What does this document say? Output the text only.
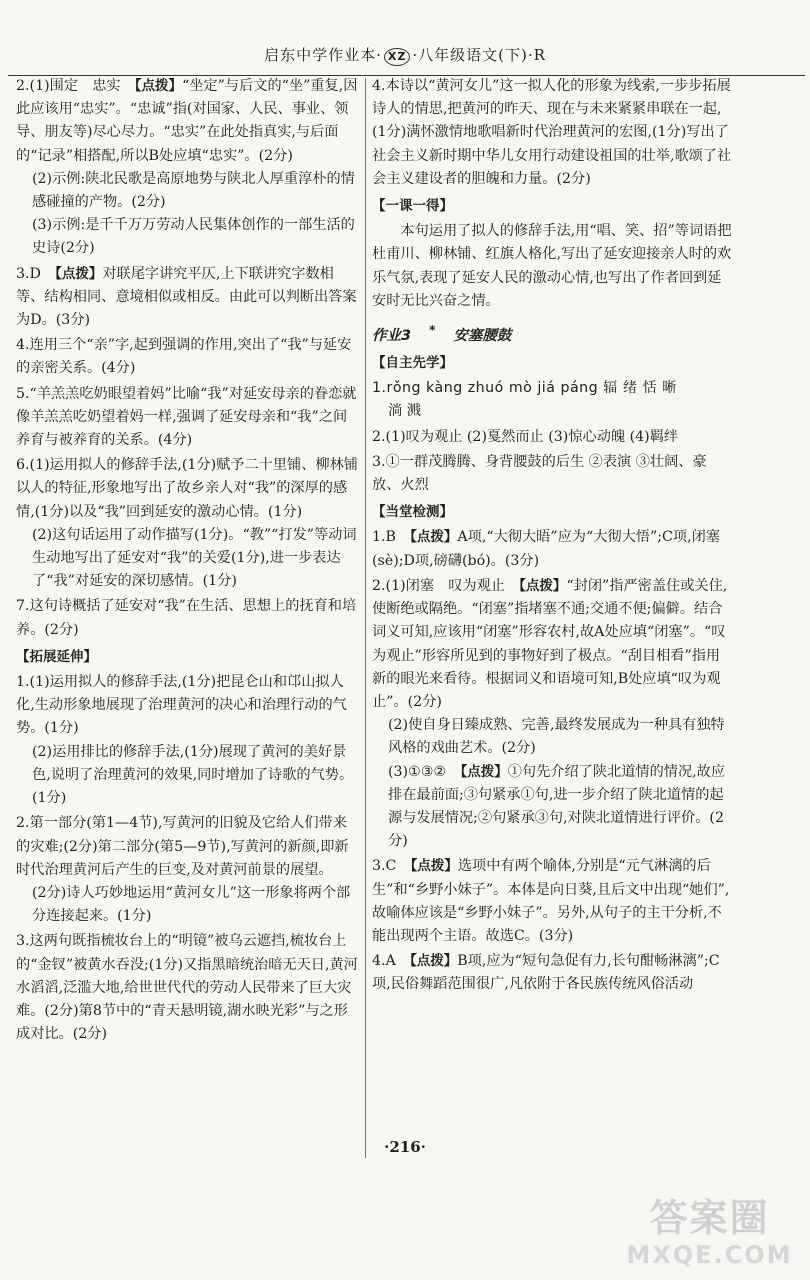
启东中学作业本· XZ ·八年级语文(下)·R

2.(1)围定　忠实　【点拨】“坐定”与后文的“坐”重复,因此应该用“忠实”。“忠诚”指(对国家、人民、事业、领导、朋友等)尽心尽力。“忠实”在此处指真实,与后面的“记录”相搭配,所以B处应填“忠实”。(2分)

(2)示例:陕北民歌是高原地势与陕北人厚重淳朴的情感碰撞的产物。(2分)

(3)示例:是千千万万劳动人民集体创作的一部生活的史诗(2分)

3.D　【点拨】对联尾字讲究平仄,上下联讲究字数相等、结构相同、意境相似或相反。由此可以判断出答案为D。(3分)

4.连用三个“亲”字,起到强调的作用,突出了“我”与延安的亲密关系。(4分)

5.“羊羔羔吃奶眼望着妈”比喻“我”对延安母亲的眷恋就像羊羔羔吃奶望着妈一样,强调了延安母亲和“我”之间养育与被养育的关系。(4分)

6.(1)运用拟人的修辞手法,(1分)赋予二十里铺、柳林铺以人的特征,形象地写出了故乡亲人对“我”的深厚的感情,(1分)以及“我”回到延安的激动心情。(1分)

(2)这句话运用了动作描写(1分)。“教”“打发”等动词生动地写出了延安对“我”的关爱(1分),进一步表达了“我”对延安的深切感情。(1分)

7.这句诗概括了延安对“我”在生活、思想上的抚育和培养。(2分)

【拓展延伸】

1.(1)运用拟人的修辞手法,(1分)把昆仑山和邙山拟人化,生动形象地展现了治理黄河的决心和治理行动的气势。(1分)

(2)运用排比的修辞手法,(1分)展现了黄河的美好景色,说明了治理黄河的效果,同时增加了诗歌的气势。(1分)

2.第一部分(第1—4节),写黄河的旧貌及它给人们带来的灾难;(2分)第二部分(第5—9节),写黄河的新颜,即新时代治理黄河后产生的巨变,及对黄河前景的展望。

(2分)诗人巧妙地运用“黄河女儿”这一形象将两个部分连接起来。(1分)

3.这两句既指梳妆台上的“明镜”被乌云遮挡,梳妆台上的“金钗”被黄水吞没;(1分)又指黑暗统治暗无天日,黄河水滔滔,泛滥大地,给世世代代的劳动人民带来了巨大灾难。(2分)第8节中的“青天悬明镜,湖水映光彩”与之形成对比。(2分)

4.本诗以“黄河女儿”这一拟人化的形象为线索,一步步拓展诗人的情思,把黄河的昨天、现在与未来紧紧串联在一起,(1分)满怀激情地歌唱新时代治理黄河的宏图,(1分)写出了社会主义新时期中华儿女用行动建设祖国的壮举,歌颂了社会主义建设者的胆魄和力量。(2分)

【一课一得】

本句运用了拟人的修辞手法,用“唱、笑、招”等词语把杜甫川、柳林铺、红旗人格化,写出了延安迎接亲人时的欢乐气氛,表现了延安人民的激动心情,也写出了作者回到延安时无比兴奋之情。

作业3 * 安塞腰鼓
【自主先学】

1.rǒng kàng zhuó mò jiá páng 辐 绪 恬 晰

淌 溅

2.(1)叹为观止 (2)戛然而止 (3)惊心动魄 (4)羁绊

3.①一群茂腾腾、身背腰鼓的后生 ②表演 ③壮阔、豪放、火烈

【当堂检测】

1.B　【点拨】A项,“大彻大晤”应为“大彻大悟”;C项,闭塞(sè);D项,磅礴(bó)。(3分)

2.(1)闭塞　叹为观止　【点拨】“封闭”指严密盖住或关住,使断绝或隔绝。“闭塞”指堵塞不通;交通不便;偏僻。结合词义可知,应该用“闭塞”形容农村,故A处应填“闭塞”。“叹为观止”形容所见到的事物好到了极点。“刮目相看”指用新的眼光来看待。根据词义和语境可知,B处应填“叹为观止”。(2分)

(2)使自身日臻成熟、完善,最终发展成为一种具有独特风格的戏曲艺术。(2分)

(3)①③②　【点拨】①句先介绍了陕北道情的情况,故应排在最前面;③句紧承①句,进一步介绍了陕北道情的起源与发展情况;②句紧承③句,对陕北道情进行评价。(2分)

3.C　【点拨】选项中有两个喻体,分别是“元气淋漓的后生”和“乡野小妹子”。本体是向日葵,且后文中出现“她们”,故喻体应该是“乡野小妹子”。另外,从句子的主干分析,不能出现两个主语。故选C。(3分)

4.A　【点拨】B项,应为“短句急促有力,长句酣畅淋漓”;C项,民俗舞蹈范围很广,凡依附于各民族传统风俗活动

·216·
答案圈
MXQE.COM
